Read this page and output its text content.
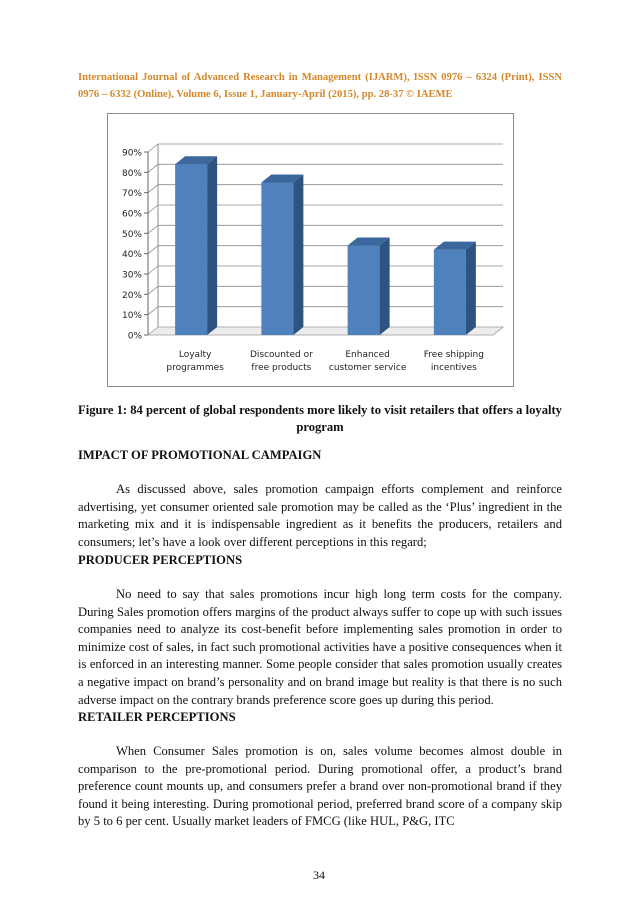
International Journal of Advanced Research in Management (IJARM), ISSN 0976 – 6324 (Print), ISSN 0976 – 6332 (Online), Volume 6, Issue 1, January-April (2015), pp. 28-37 © IAEME
0%
10%
20%
30%
40%
50%
60%
70%
80%
90%
Loyalty
programmes
Discounted or
free products
Enhanced
customer service
Free shipping
incentives
Figure 1: 84 percent of global respondents more likely to visit retailers that offers a loyalty program
IMPACT OF PROMOTIONAL CAMPAIGN

As discussed above, sales promotion campaign efforts complement and reinforce advertising, yet consumer oriented sale promotion may be called as the ‘Plus’ ingredient in the marketing mix and it is indispensable ingredient as it benefits the producers, retailers and consumers; let’s have a look over different perceptions in this regard;

PRODUCER PERCEPTIONS

No need to say that sales promotions incur high long term costs for the company. During Sales promotion offers margins of the product always suffer to cope up with such issues companies need to analyze its cost-benefit before implementing sales promotion in order to minimize cost of sales, in fact such promotional activities have a positive consequences when it is enforced in an interesting manner. Some people consider that sales promotion usually creates a negative impact on brand’s personality and on brand image but reality is that there is no such adverse impact on the contrary brands preference score goes up during this period.

RETAILER PERCEPTIONS

When Consumer Sales promotion is on, sales volume becomes almost double in comparison to the pre-promotional period. During promotional offer, a product’s brand preference count mounts up, and consumers prefer a brand over non-promotional brand if they found it being interesting. During promotional period, preferred brand score of a company skip by 5 to 6 per cent. Usually market leaders of FMCG (like HUL, P&G, ITC

34
